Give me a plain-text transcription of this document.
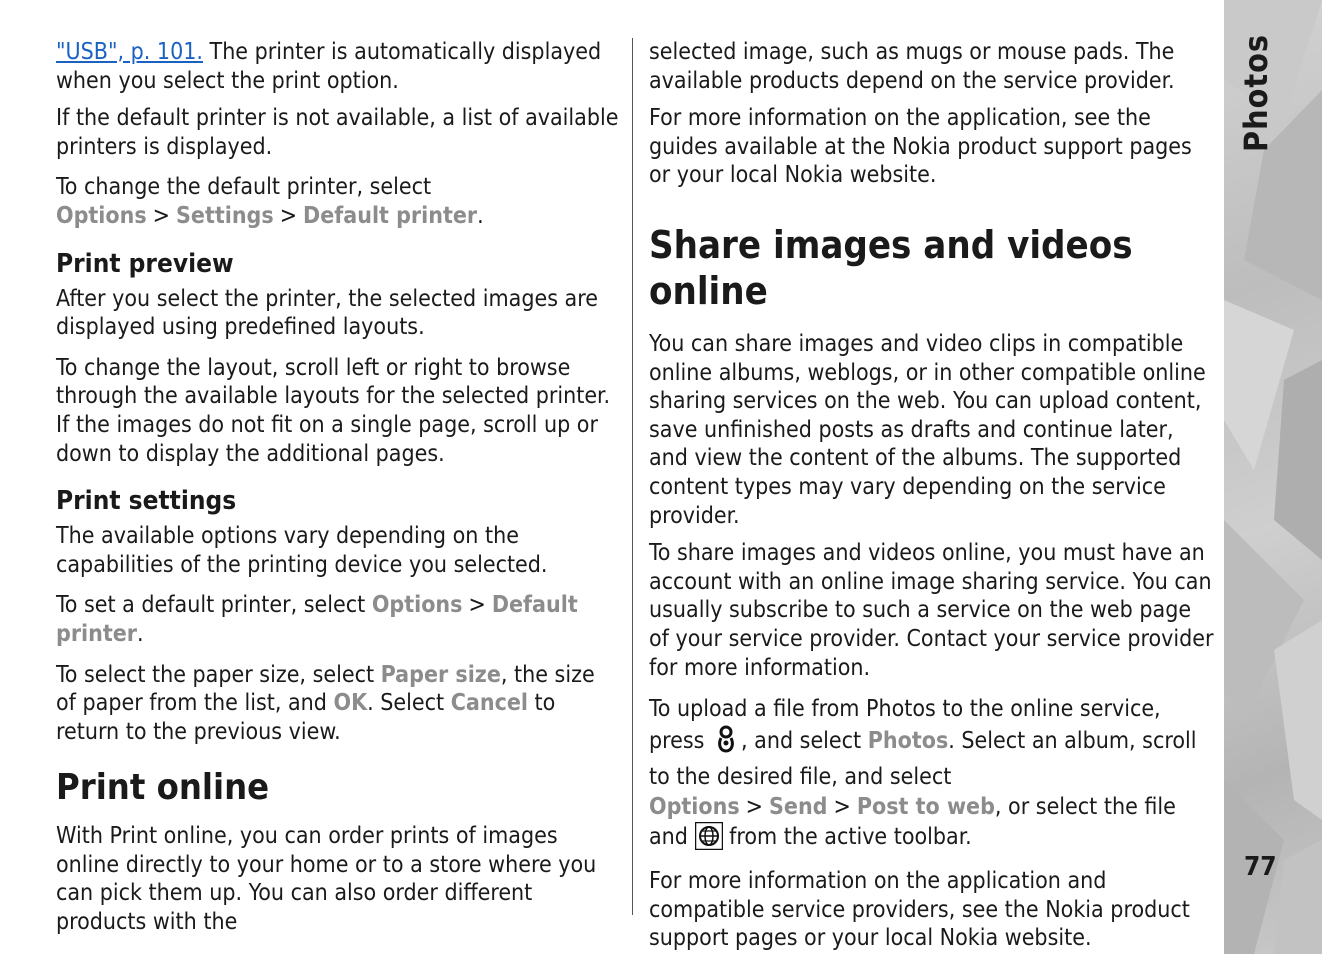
"USB", p. 101. The printer is automatically displayed when you select the print option.

If the default printer is not available, a list of available printers is displayed.

To change the default printer, select Options > Settings > Default printer.

Print preview

After you select the printer, the selected images are displayed using predefined layouts.

To change the layout, scroll left or right to browse through the available layouts for the selected printer. If the images do not fit on a single page, scroll up or down to display the additional pages.

Print settings

The available options vary depending on the capabilities of the printing device you selected.

To set a default printer, select Options > Default printer.

To select the paper size, select Paper size, the size of paper from the list, and OK. Select Cancel to return to the previous view.

Print online

With Print online, you can order prints of images online directly to your home or to a store where you can pick them up. You can also order different products with the

selected image, such as mugs or mouse pads. The available products depend on the service provider.

For more information on the application, see the guides available at the Nokia product support pages or your local Nokia website.

Share images and videos online

You can share images and video clips in compatible online albums, weblogs, or in other compatible online sharing services on the web. You can upload content, save unfinished posts as drafts and continue later, and view the content of the albums. The supported content types may vary depending on the service provider.

To share images and videos online, you must have an account with an online image sharing service. You can usually subscribe to such a service on the web page of your service provider. Contact your service provider for more information.

To upload a file from Photos to the online service, press , and select Photos. Select an album, scroll to the desired file, and select Options > Send > Post to web, or select the file and  from the active toolbar.

For more information on the application and compatible service providers, see the Nokia product support pages or your local Nokia website.

Photos
77
